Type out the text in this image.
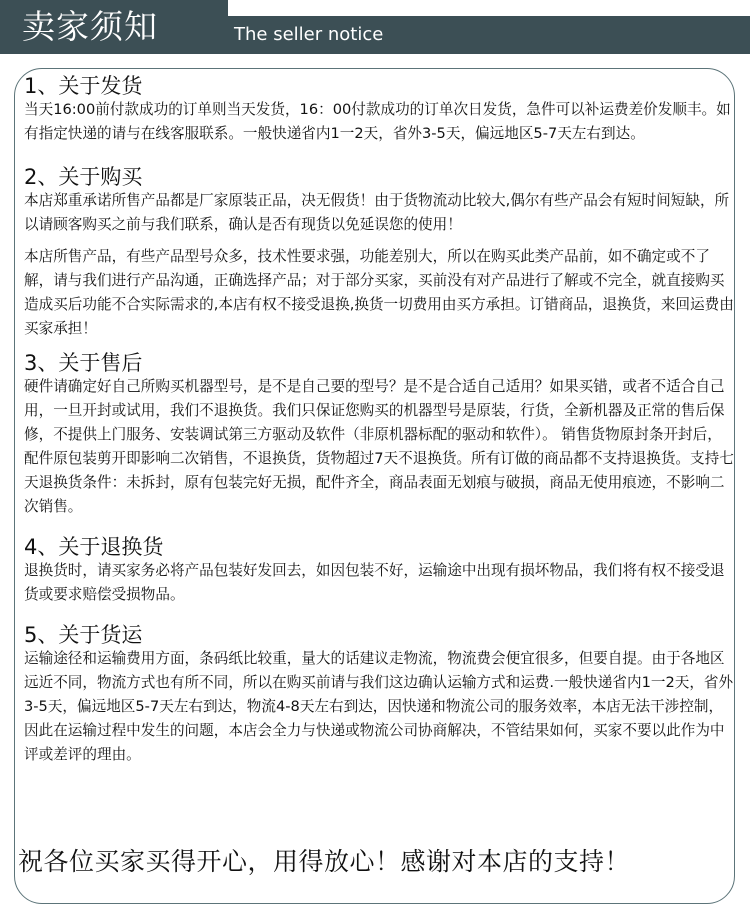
卖家须知	The seller notice
1、关于发货

当天16:00前付款成功的订单则当天发货，16：00付款成功的订单次日发货，急件可以补运费差价发顺丰。如有指定快递的请与在线客服联系。一般快递省内1一2天，省外3-5天，偏远地区5-7天左右到达。

2、关于购买

本店郑重承诺所售产品都是厂家原装正品，决无假货！由于货物流动比较大,偶尔有些产品会有短时间短缺，所以请顾客购买之前与我们联系，确认是否有现货以免延误您的使用！

本店所售产品，有些产品型号众多，技术性要求强，功能差别大，所以在购买此类产品前，如不确定或不了解，请与我们进行产品沟通，正确选择产品；对于部分买家，买前没有对产品进行了解或不完全，就直接购买造成买后功能不合实际需求的,本店有权不接受退换,换货一切费用由买方承担。订错商品，退换货，来回运费由买家承担！

3、关于售后

硬件请确定好自己所购买机器型号，是不是自己要的型号？是不是合适自己适用？如果买错，或者不适合自己用，一旦开封或试用，我们不退换货。我们只保证您购买的机器型号是原装，行货，全新机器及正常的售后保修，不提供上门服务、安装调试第三方驱动及软件（非原机器标配的驱动和软件）。 销售货物原封条开封后，配件原包装剪开即影响二次销售，不退换货，货物超过7天不退换货。所有订做的商品都不支持退换货。支持七天退换货条件：未拆封，原有包装完好无损，配件齐全，商品表面无划痕与破损，商品无使用痕迹，不影响二次销售。

4、关于退换货

退换货时，请买家务必将产品包装好发回去，如因包装不好，运输途中出现有损坏物品，我们将有权不接受退货或要求赔偿受损物品。

5、关于货运

运输途径和运输费用方面，条码纸比较重，量大的话建议走物流，物流费会便宜很多，但要自提。由于各地区远近不同，物流方式也有所不同，所以在购买前请与我们这边确认运输方式和运费.一般快递省内1一2天，省外3-5天，偏远地区5-7天左右到达，物流4-8天左右到达，因快递和物流公司的服务效率，本店无法干涉控制，因此在运输过程中发生的问题，本店会全力与快递或物流公司协商解决，不管结果如何，买家不要以此作为中评或差评的理由。

祝各位买家买得开心，用得放心！感谢对本店的支持！
